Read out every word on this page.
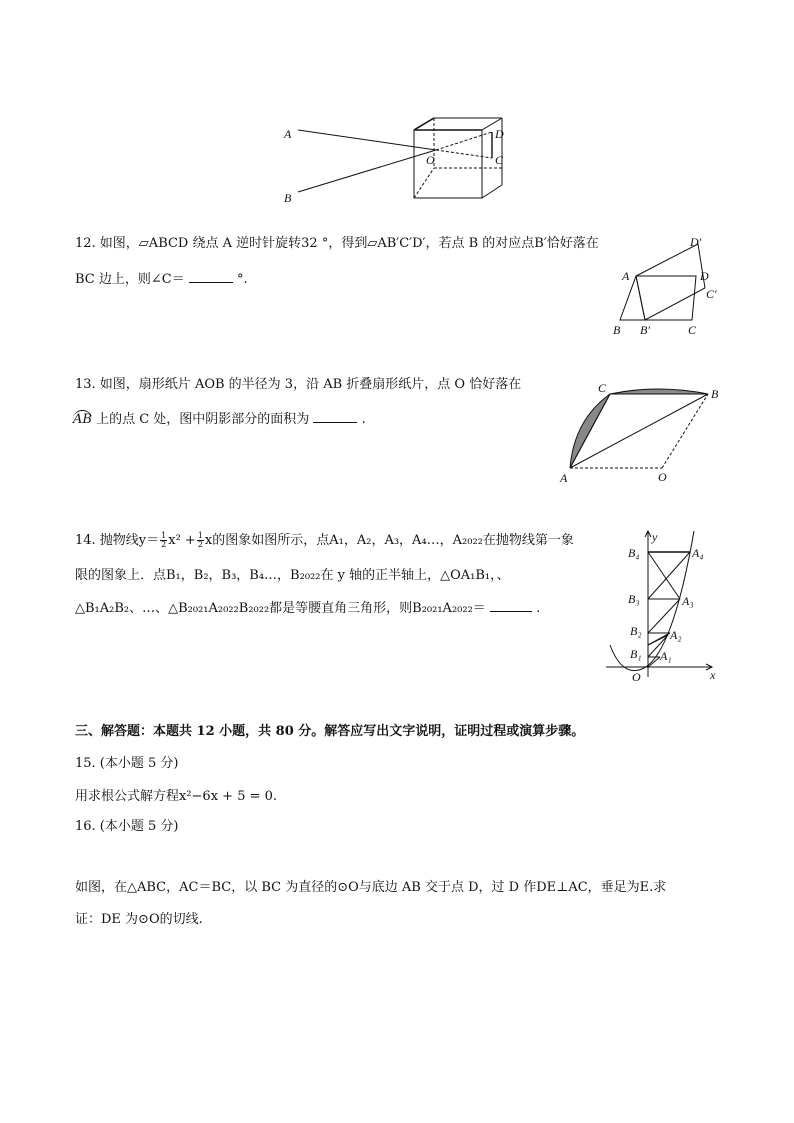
A
B
O
D
C
12. 如图，▱ABCD 绕点 A 逆时针旋转32 °，得到▱AB′C′D′，若点 B 的对应点B′恰好落在
BC 边上，则∠C＝	°.	A	D
D′
C′
B B′	C
13. 如图，扇形纸片 AOB 的半径为 3，沿 AB 折叠扇形纸片，点 O 恰好落在
AB 上的点 C 处，图中阴影部分的面积为	.
C	B
A	O
14. 抛物线$y= \frac{1}{2} x^2 + \frac{1}{2}$ x的图象如图所示，点A₁，A₂，A₃，A₄…，A₂₀₂₂在抛物线第一象
限的图象上．点B₁，B₂，B₃，B₄…，B₂₀₂₂在 y 轴的正半轴上，△OA₁B₁，、
△B₁A₂B₂、…、△B₂₀₂₁A₂₀₂₂B₂₀₂₂都是等腰直角三角形，则B₂₀₂₁A₂₀₂₂＝	.
y
x
O
B₄	A₄
B₃	A₃
B₂ A₂
B₁ A₁
三、解答题：本题共 12 小题，共 80 分。解答应写出文字说明，证明过程或演算步骤。
15. (本小题 5 分)
用求根公式解方程x²−6x + 5 = 0.
16. (本小题 5 分)
如图，在△ABC，AC＝BC，以 BC 为直径的⊙O与底边 AB 交于点 D，过 D 作DE⊥AC，垂足为E.求
证：DE 为⊙O的切线.
